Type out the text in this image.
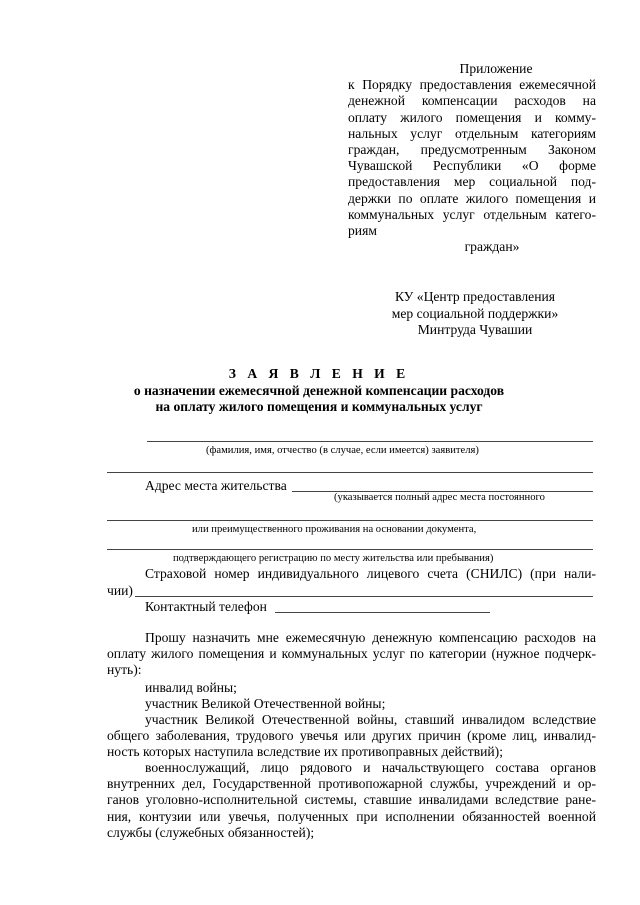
Приложение
к Порядку предоставления ежемесячной
денежной компенсации расходов на
оплату жилого помещения и комму-
нальных услуг отдельным категориям
граждан, предусмотренным Законом
Чувашской Республики «О форме
предоставления мер социальной под-
держки по оплате жилого помещения и
коммунальных услуг отдельным катего-
риям
граждан»
КУ «Центр предоставления
мер социальной поддержки»
Минтруда Чувашии
З А Я В Л Е Н И Е
о назначении ежемесячной денежной компенсации расходов
на оплату жилого помещения и коммунальных услуг
(фамилия, имя, отчество (в случае, если имеется) заявителя)
Адрес места жительства
(указывается полный адрес места постоянного
или преимущественного проживания на основании документа,
подтверждающего регистрацию по месту жительства или пребывания)
Страховой номер индивидуального лицевого счета (СНИЛС) (при нали-
чии)
Контактный телефон
Прошу назначить мне ежемесячную денежную компенсацию расходов на
оплату жилого помещения и коммунальных услуг по категории (нужное подчерк-
нуть):
инвалид войны;
участник Великой Отечественной войны;
участник Великой Отечественной войны, ставший инвалидом вследствие
общего заболевания, трудового увечья или других причин (кроме лиц, инвалид-
ность которых наступила вследствие их противоправных действий);
военнослужащий, лицо рядового и начальствующего состава органов
внутренних дел, Государственной противопожарной службы, учреждений и ор-
ганов уголовно-исполнительной системы, ставшие инвалидами вследствие ране-
ния, контузии или увечья, полученных при исполнении обязанностей военной
службы (служебных обязанностей);
